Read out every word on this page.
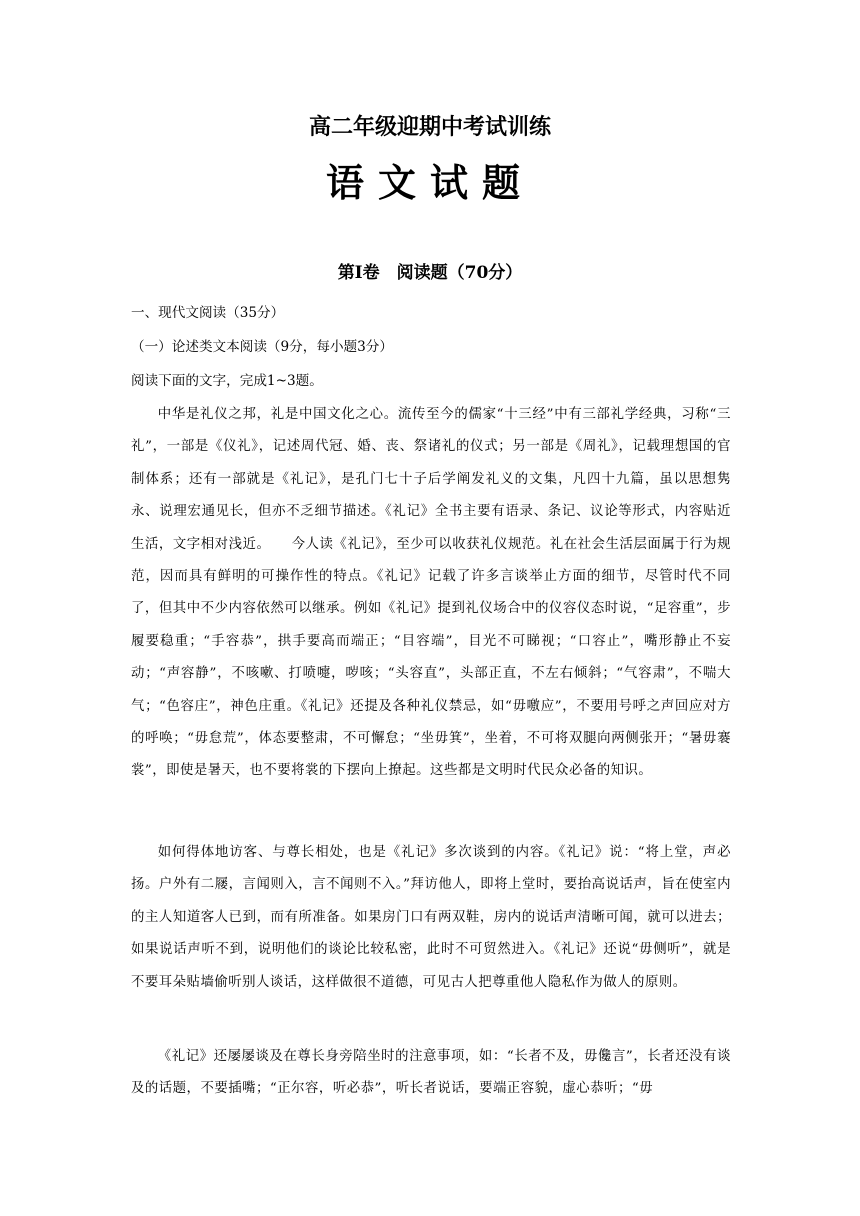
高二年级迎期中考试训练
语文试题
第Ⅰ卷　阅读题（70分）
一、现代文阅读（35分）
（一）论述类文本阅读（9分，每小题3分）
阅读下面的文字，完成1~3题。
中华是礼仪之邦，礼是中国文化之心。流传至今的儒家“十三经”中有三部礼学经典，习称“三礼”，一部是《仪礼》，记述周代冠、婚、丧、祭诸礼的仪式；另一部是《周礼》，记载理想国的官制体系；还有一部就是《礼记》，是孔门七十子后学阐发礼义的文集，凡四十九篇，虽以思想隽永、说理宏通见长，但亦不乏细节描述。《礼记》全书主要有语录、条记、议论等形式，内容贴近生活，文字相对浅近。　　今人读《礼记》，至少可以收获礼仪规范。礼在社会生活层面属于行为规范，因而具有鲜明的可操作性的特点。《礼记》记载了许多言谈举止方面的细节，尽管时代不同了，但其中不少内容依然可以继承。例如《礼记》提到礼仪场合中的仪容仪态时说，“足容重”，步履要稳重；“手容恭”，拱手要高而端正；“目容端”，目光不可睇视；“口容止”，嘴形静止不妄动；“声容静”，不咳嗽、打喷嚏，哕咳；“头容直”，头部正直，不左右倾斜；“气容肃”，不喘大气；“色容庄”，神色庄重。《礼记》还提及各种礼仪禁忌，如“毋噭应”，不要用号呼之声回应对方的呼唤；“毋怠荒”，体态要整肃，不可懈怠；“坐毋箕”，坐着，不可将双腿向两侧张开；“暑毋褰裳”，即使是暑天，也不要将裳的下摆向上撩起。这些都是文明时代民众必备的知识。
如何得体地访客、与尊长相处，也是《礼记》多次谈到的内容。《礼记》说：“将上堂，声必扬。户外有二屦，言闻则入，言不闻则不入。”拜访他人，即将上堂时，要抬高说话声，旨在使室内的主人知道客人已到，而有所准备。如果房门口有两双鞋，房内的说话声清晰可闻，就可以进去；如果说话声听不到，说明他们的谈论比较私密，此时不可贸然进入。《礼记》还说“毋侧听”，就是不要耳朵贴墙偷听别人谈话，这样做很不道德，可见古人把尊重他人隐私作为做人的原则。
《礼记》还屡屡谈及在尊长身旁陪坐时的注意事项，如：“长者不及，毋儳言”，长者还没有谈及的话题，不要插嘴；“正尔容，听必恭”，听长者说话，要端正容貌，虚心恭听；“毋
